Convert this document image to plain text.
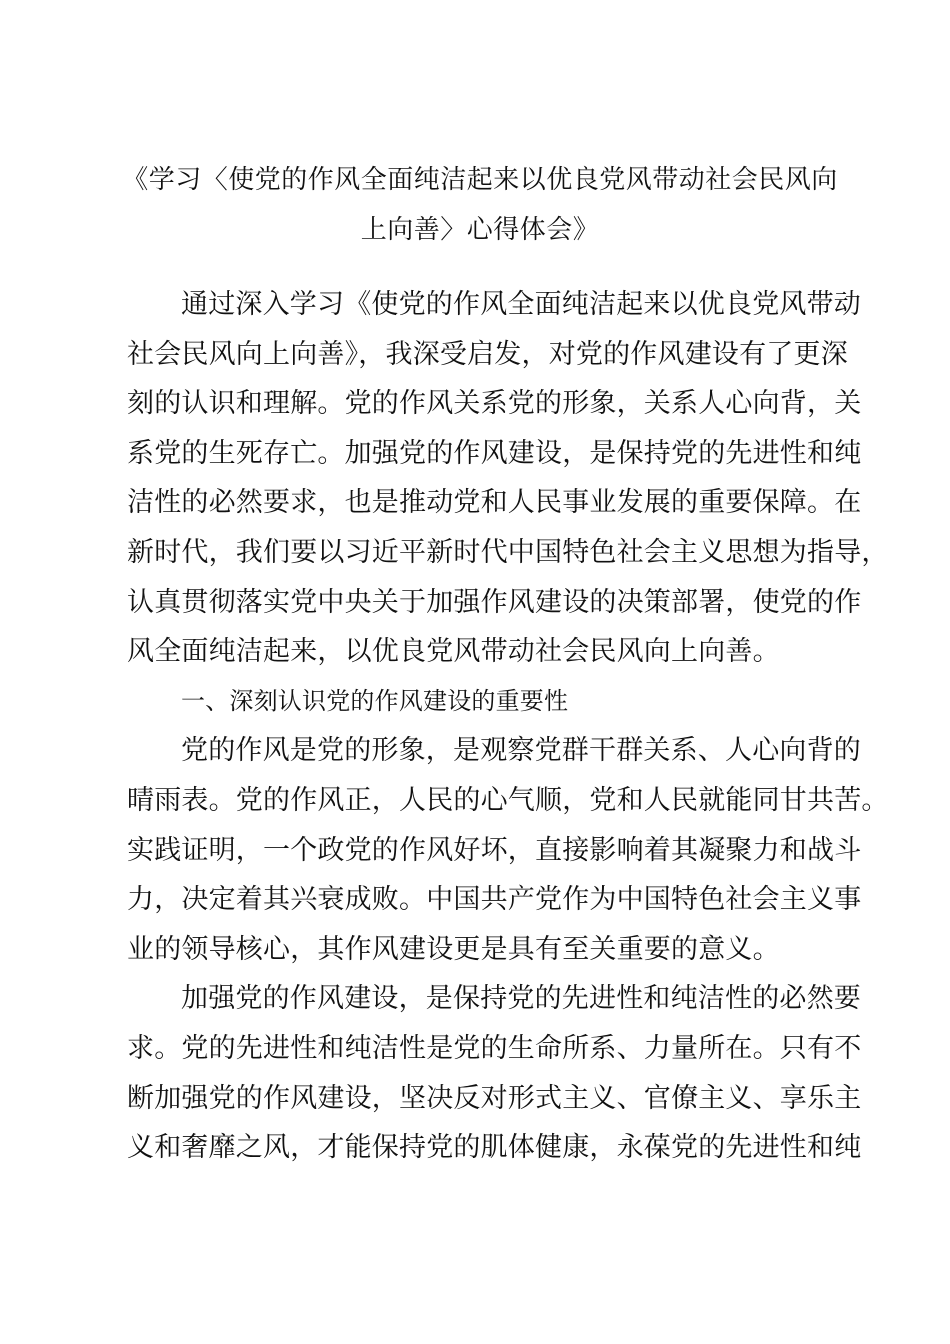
《学习〈使党的作风全面纯洁起来以优良党风带动社会民风向
上向善〉心得体会》
通过深入学习《使党的作风全面纯洁起来以优良党风带动
社会民风向上向善》，我深受启发，对党的作风建设有了更深
刻的认识和理解。党的作风关系党的形象，关系人心向背，关
系党的生死存亡。加强党的作风建设，是保持党的先进性和纯
洁性的必然要求，也是推动党和人民事业发展的重要保障。在
新时代，我们要以习近平新时代中国特色社会主义思想为指导，
认真贯彻落实党中央关于加强作风建设的决策部署，使党的作
风全面纯洁起来，以优良党风带动社会民风向上向善。
一、深刻认识党的作风建设的重要性
党的作风是党的形象，是观察党群干群关系、人心向背的
晴雨表。党的作风正，人民的心气顺，党和人民就能同甘共苦。
实践证明，一个政党的作风好坏，直接影响着其凝聚力和战斗
力，决定着其兴衰成败。中国共产党作为中国特色社会主义事
业的领导核心，其作风建设更是具有至关重要的意义。
加强党的作风建设，是保持党的先进性和纯洁性的必然要
求。党的先进性和纯洁性是党的生命所系、力量所在。只有不
断加强党的作风建设，坚决反对形式主义、官僚主义、享乐主
义和奢靡之风，才能保持党的肌体健康，永葆党的先进性和纯
